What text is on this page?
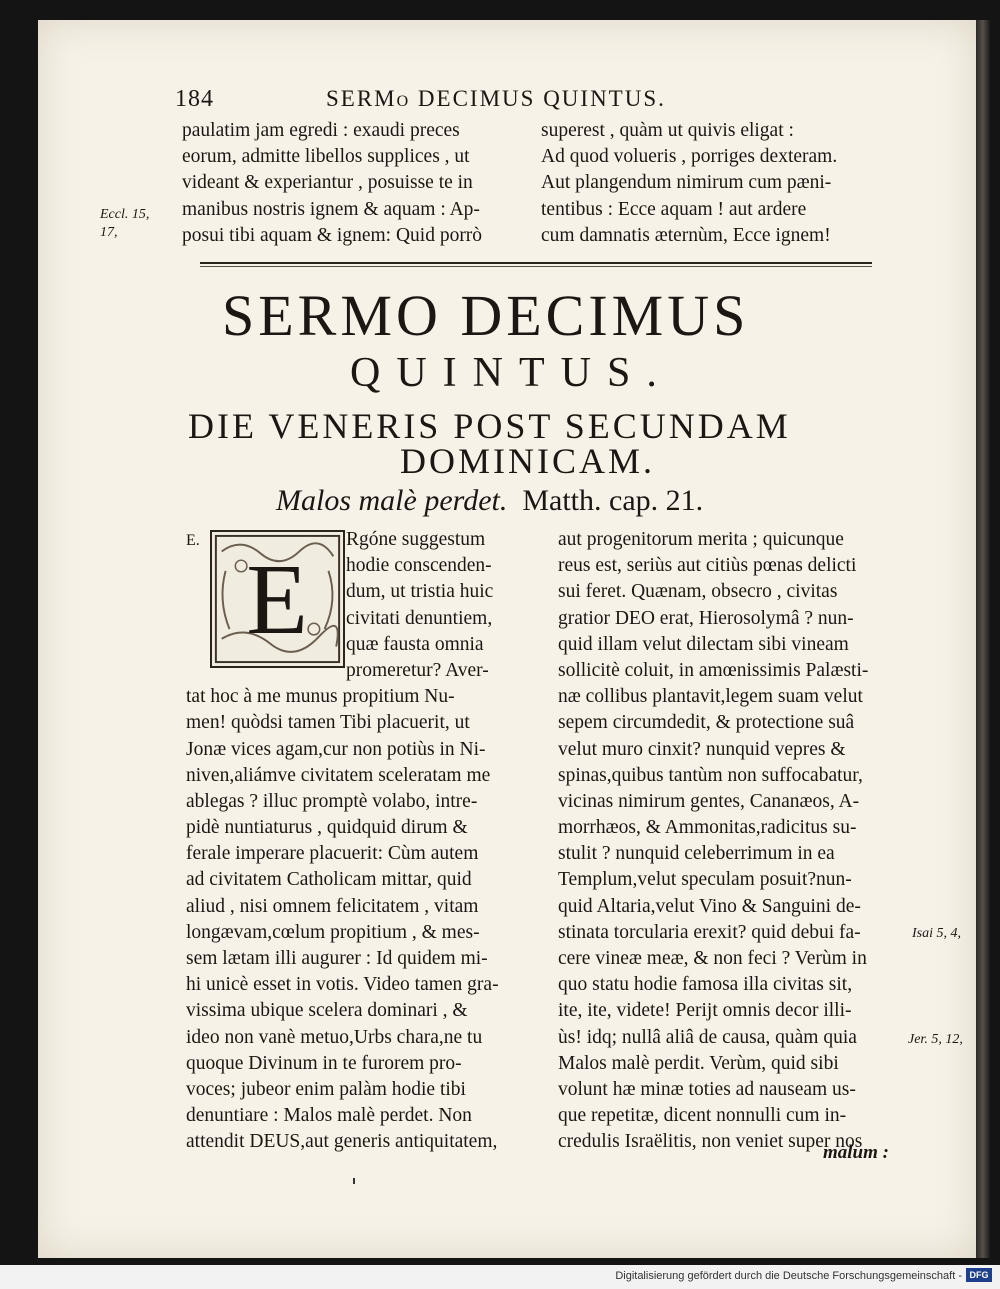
184	SERMo DECIMUS QUINTUS.
paulatim jam egredi : exaudi preces
eorum, admitte libellos supplices , ut
videant & experiantur , posuisse te in
manibus nostris ignem & aquam : Ap-
posui tibi aquam & ignem: Quid porrò
superest , quàm ut quivis eligat :
Ad quod volueris , porriges dexteram.
Aut plangendum nimirum cum pæni-
tentibus : Ecce aquam ! aut ardere
cum damnatis æternùm, Ecce ignem!
Eccl. 15, 17,
SERMO DECIMUS
QUINTUS.
DIE VENERIS POST SECUNDAM
DOMINICAM.
Malos malè perdet. Matth. cap. 21.
E.
E
Rgóne suggestum
hodie conscenden-
dum, ut tristia huic
civitati denuntiem,
quæ fausta omnia
promeretur? Aver-
tat hoc à me munus propitium Nu-
men! quòdsi tamen Tibi placuerit, ut
Jonæ vices agam,cur non potiùs in Ni-
niven,aliámve civitatem sceleratam me
ablegas ? illuc promptè volabo, intre-
pidè nuntiaturus , quidquid dirum &
ferale imperare placuerit: Cùm autem
ad civitatem Catholicam mittar, quid
aliud , nisi omnem felicitatem , vitam
longævam,cœlum propitium , & mes-
sem lætam illi augurer : Id quidem mi-
hi unicè esset in votis. Video tamen gra-
vissima ubique scelera dominari , &
ideo non vanè metuo,Urbs chara,ne tu
quoque Divinum in te furorem pro-
voces; jubeor enim palàm hodie tibi
denuntiare : Malos malè perdet. Non
attendit DEUS,aut generis antiquitatem,
aut progenitorum merita ; quicunque
reus est, seriùs aut citiùs pœnas delicti
sui feret. Quænam, obsecro , civitas
gratior DEO erat, Hierosolymâ ? nun-
quid illam velut dilectam sibi vineam
sollicitè coluit, in amœnissimis Palæsti-
næ collibus plantavit,legem suam velut
sepem circumdedit, & protectione suâ
velut muro cinxit? nunquid vepres &
spinas,quibus tantùm non suffocabatur,
vicinas nimirum gentes, Cananæos, A-
morrhæos, & Ammonitas,radicitus su-
stulit ? nunquid celeberrimum in ea
Templum,velut speculam posuit?nun-
quid Altaria,velut Vino & Sanguini de-
stinata torcularia erexit? quid debui fa-
cere vineæ meæ, & non feci ? Verùm in
quo statu hodie famosa illa civitas sit,
ite, ite, videte! Perijt omnis decor illi-
ùs! idq; nullâ aliâ de causa, quàm quia
Malos malè perdit. Verùm, quid sibi
volunt hæ minæ toties ad nauseam us-
que repetitæ, dicent nonnulli cum in-
credulis Israëlitis, non veniet super nos
Isai 5, 4,
Jer. 5, 12,
malum :
Digitalisierung gefördert durch die Deutsche Forschungsgemeinschaft - DFG
